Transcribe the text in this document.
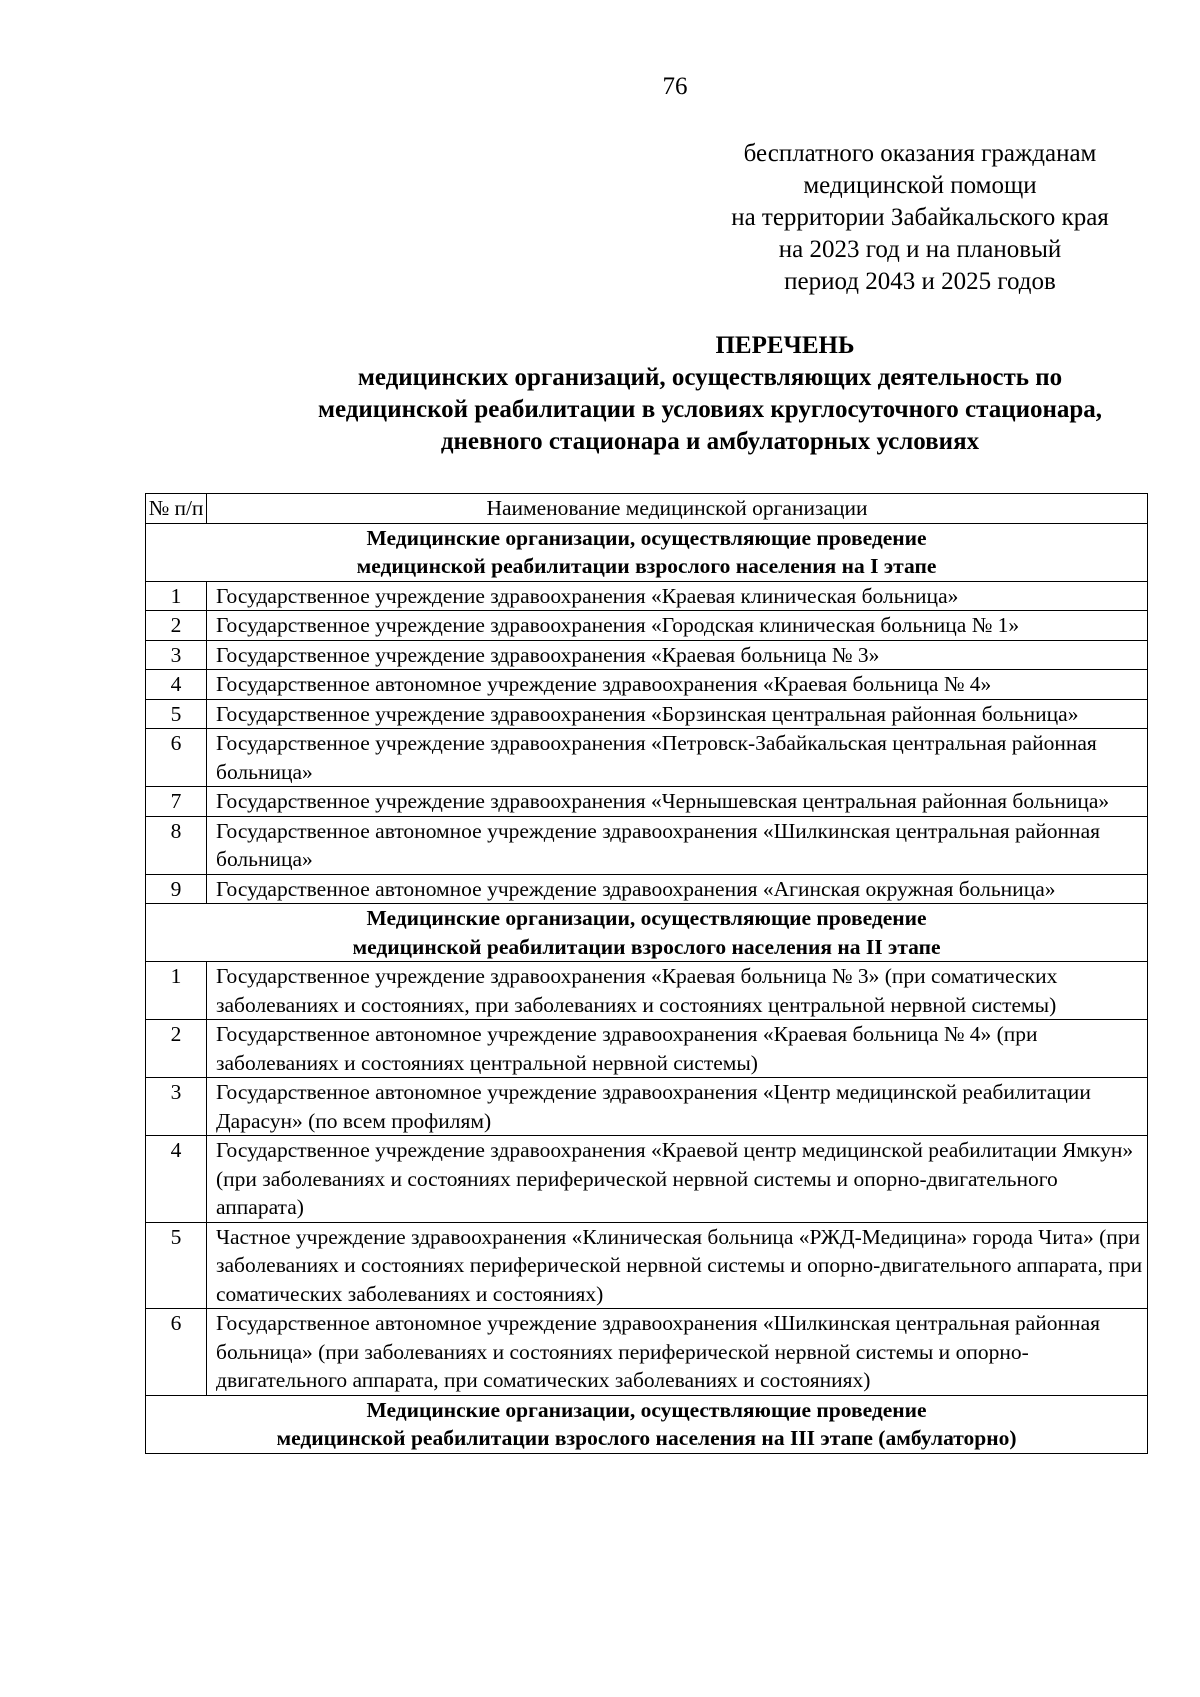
76
бесплатного оказания гражданам
медицинской помощи
на территории Забайкальского края
на 2023 год и на плановый
период 2043 и 2025 годов
ПЕРЕЧЕНЬ
медицинских организаций, осуществляющих деятельность по
медицинской реабилитации в условиях круглосуточного стационара,
дневного стационара и амбулаторных условиях
№ п/п	Наименование медицинской организации

Медицинские организации, осуществляющие проведение
медицинской реабилитации взрослого населения на I этапе	

1	Государственное учреждение здравоохранения «Краевая клиническая больница»
2	Государственное учреждение здравоохранения «Городская клиническая больница № 1»
3	Государственное учреждение здравоохранения «Краевая больница № 3»
4	Государственное автономное учреждение здравоохранения «Краевая больница № 4»
5	Государственное учреждение здравоохранения «Борзинская центральная районная больница»
6	Государственное учреждение здравоохранения «Петровск-Забайкальская центральная районная больница»
7	Государственное учреждение здравоохранения «Чернышевская центральная районная больница»
8	Государственное автономное учреждение здравоохранения «Шилкинская центральная районная больница»
9	Государственное автономное учреждение здравоохранения «Агинская окружная больница»

Медицинские организации, осуществляющие проведение
медицинской реабилитации взрослого населения на II этапе	

1	Государственное учреждение здравоохранения «Краевая больница № 3» (при соматических заболеваниях и состояниях, при заболеваниях и состояниях центральной нервной системы)
2	Государственное автономное учреждение здравоохранения «Краевая больница № 4» (при заболеваниях и состояниях центральной нервной системы)
3	Государственное автономное учреждение здравоохранения «Центр медицинской реабилитации Дарасун» (по всем профилям)
4	Государственное учреждение здравоохранения «Краевой центр медицинской реабилитации Ямкун» (при заболеваниях и состояниях периферической нервной системы и опорно-двигательного аппарата)
5	Частное учреждение здравоохранения «Клиническая больница «РЖД-Медицина» города Чита» (при заболеваниях и состояниях периферической нервной системы и опорно-двигательного аппарата, при соматических заболеваниях и состояниях)
6	Государственное автономное учреждение здравоохранения «Шилкинская центральная районная больница» (при заболеваниях и состояниях периферической нервной системы и опорно-двигательного аппарата, при соматических заболеваниях и состояниях)

Медицинские организации, осуществляющие проведение
медицинской реабилитации взрослого населения на III этапе (амбулаторно)	
